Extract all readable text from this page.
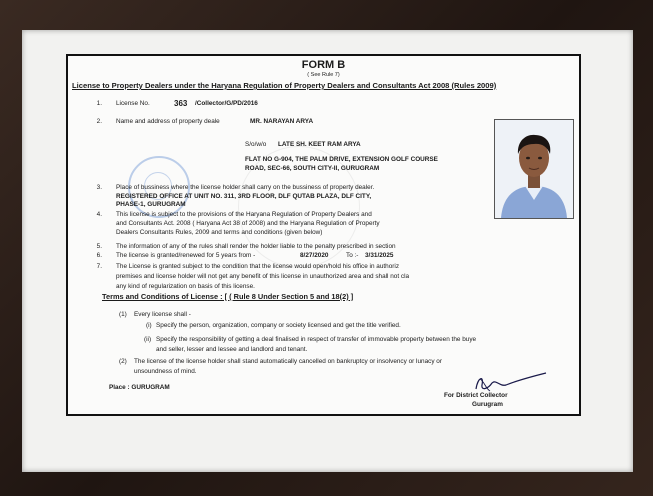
FORM B
( See Rule 7)
License to Property Dealers under the Haryana Regulation of Property Dealers and Consultants Act 2008 (Rules 2009)
1. License No.	363 /Collector/G/PD/2016
2. Name and address of property deale	MR. NARAYAN ARYA
S/o/w/o LATE SH. KEET RAM ARYA
FLAT NO G-904, THE PALM DRIVE, EXTENSION GOLF COURSE
ROAD, SEC-66, SOUTH CITY-II, GURUGRAM
3. Place of bussiness where the license holder shall carry on the bussiness of property dealer.
REGISTERED OFFICE AT UNIT NO. 311, 3RD FLOOR, DLF QUTAB PLAZA, DLF CITY,
PHASE-1, GURUGRAM
4. This license is subject to the provisions of the Haryana Regulation of Property Dealers and
and Consultants Act. 2008 ( Haryana Act 38 of 2008) and the Haryana Regulation of Property
Dealers Consultants Rules, 2009 and terms and conditions (given below)
5. The information of any of the rules shall render the holder liable to the penalty prescribed in section
6. The license is granted/renewed for 5 years from -	8/27/2020	To :- 3/31/2025
7. The License is granted subject to the condition that the license would open/hold his office in authoriz
premises and license holder will not get any benefit of this license in unauthorized area and shall not cla
any kind of regularization on basis of this license.
Terms and Conditions of License : [ ( Rule 8 Under Section 5 and 18(2) ]
(1) Every license shall -
(i) Specify the person, organization, company or society licensed and get the title verified.
(ii) Specify the responsibility of getting a deal finalised in respect of transfer of immovable property between the buye
and seller, lesser and lessee and landlord and tenant.
(2) The license of the license holder shall stand automatically cancelled on bankruptcy or insolvency or lunacy or
unsoundness of mind.
Place : GURUGRAM
For District Collector
Gurugram
